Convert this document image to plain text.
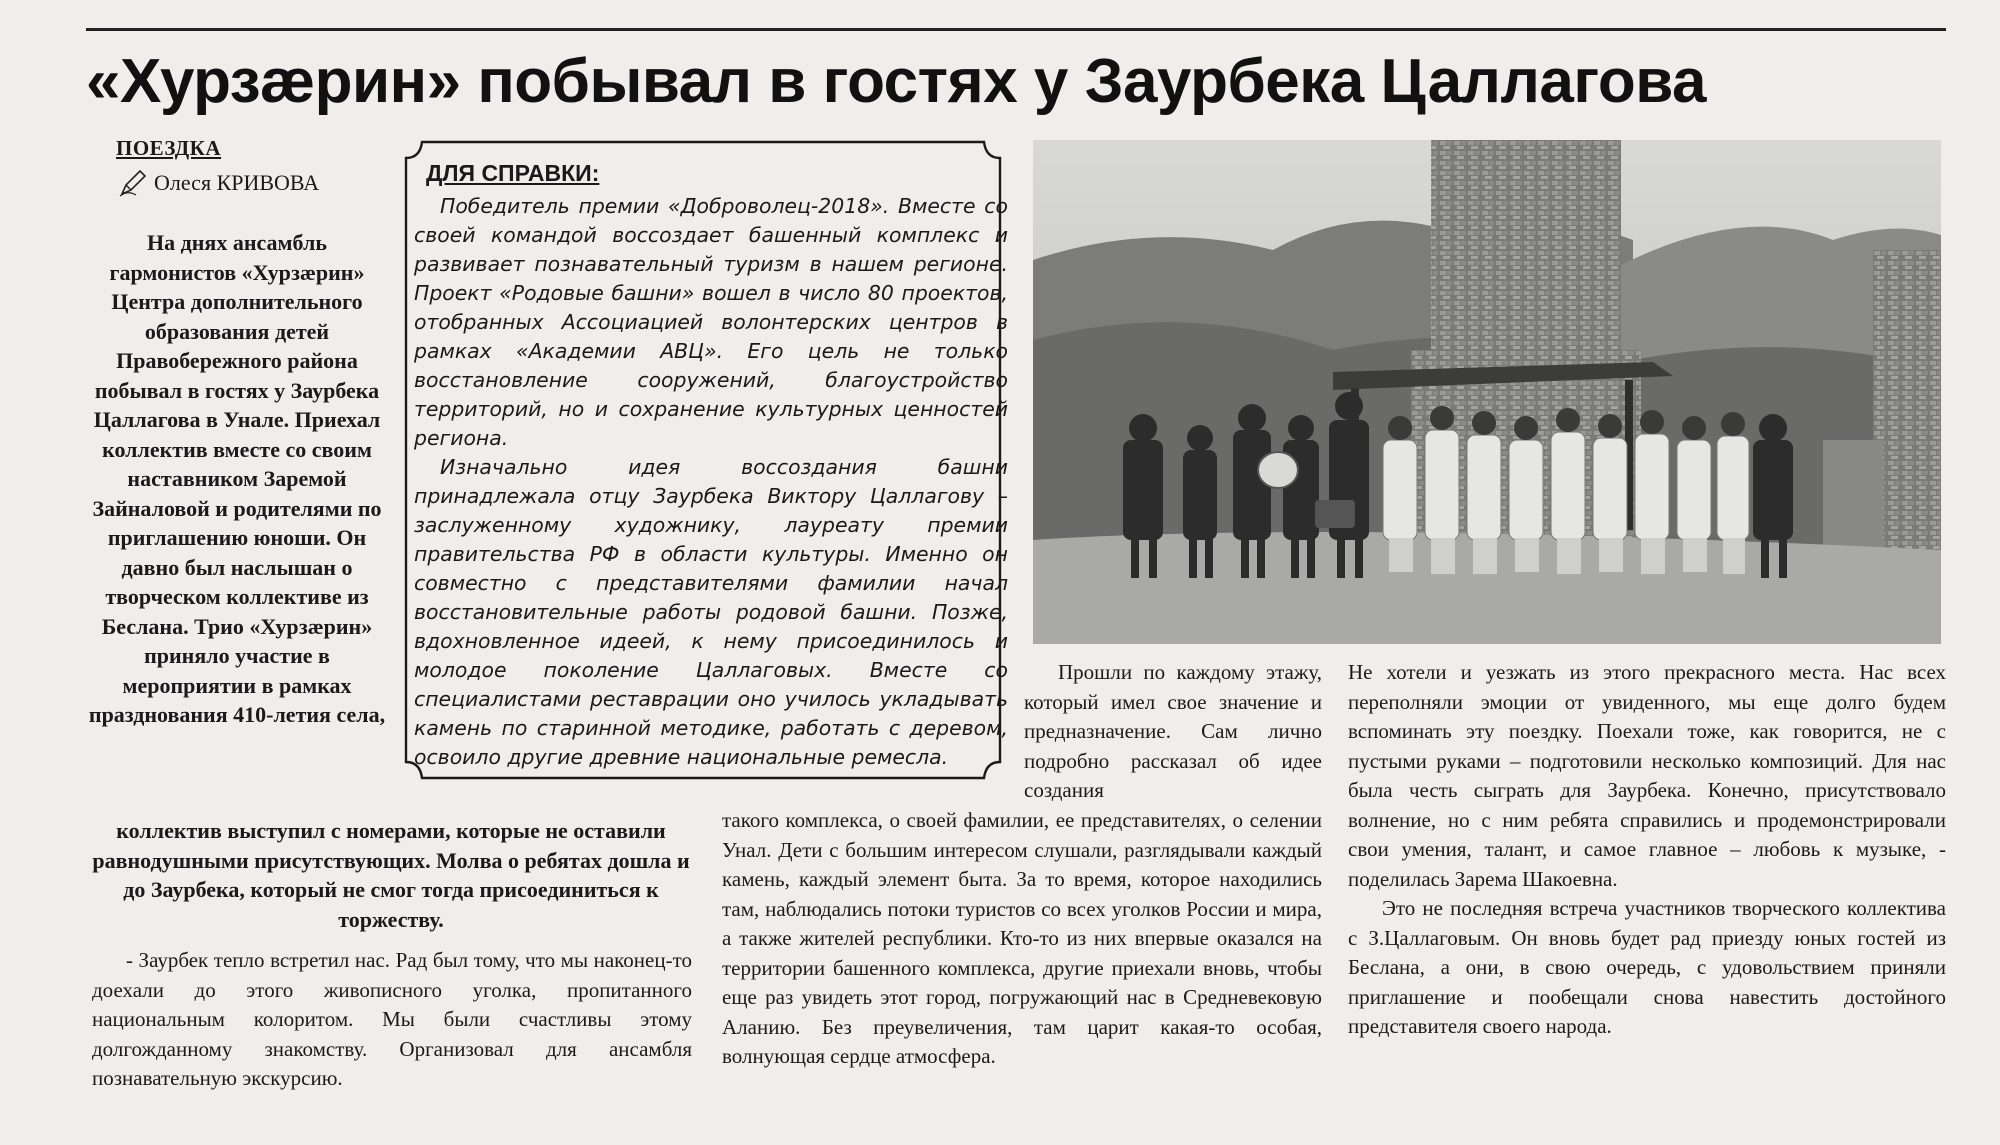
«Хурзæрин» побывал в гостях у Заурбека Цаллагова
ПОЕЗДКА
Олеся КРИВОВА
На днях ансамбль гармонистов «Хурзæрин» Центра дополнительного образования детей Правобережного района побывал в гостях у Заурбека Цаллагова в Унале. Приехал коллектив вместе со своим наставником Заремой Зайналовой и родителями по приглашению юноши. Он давно был наслышан о творческом коллективе из Беслана. Трио «Хурзæрин» приняло участие в мероприятии в рамках празднования 410-летия села,
коллектив выступил с номерами, которые не оставили равнодушными присутствующих. Молва о ребятах дошла и до Заурбека, который не смог тогда присоединиться к торжеству.

- Заурбек тепло встретил нас. Рад был тому, что мы наконец-то доехали до этого живописного уголка, пропитанного национальным колоритом. Мы были счастливы этому долгожданному знакомству. Организовал для ансамбля познавательную экскурсию.

Победитель премии «Доброволец-2018». Вместе со своей командой воссоздает башенный комплекс и развивает познавательный туризм в нашем регионе. Проект «Родовые башни» вошел в число 80 проектов, отобранных Ассоциацией волонтерских центров в рамках «Академии АВЦ». Его цель не только восстановление сооружений, благоустройство территорий, но и сохранение культурных ценностей региона.

Изначально идея воссоздания башни принадлежала отцу Заурбека Виктору Цаллагову – заслуженному художнику, лауреату премии правительства РФ в области культуры. Именно он совместно с представителями фамилии начал восстановительные работы родовой башни. Позже, вдохновленное идеей, к нему присоединилось и молодое поколение Цаллаговых. Вместе со специалистами реставрации оно училось укладывать камень по старинной методике, работать с деревом, освоило другие древние национальные ремесла.

ДЛЯ СПРАВКИ:

Прошли по каждому этажу, который имел свое значение и предназначение. Сам лично подробно рассказал об идее создания

такого комплекса, о своей фамилии, ее представителях, о селении Унал. Дети с большим интересом слушали, разглядывали каждый камень, каждый элемент быта. За то время, которое находились там, наблюдались потоки туристов со всех уголков России и мира, а также жителей республики. Кто-то из них впервые оказался на территории башенного комплекса, другие приехали вновь, чтобы еще раз увидеть этот город, погружающий нас в Средневековую Аланию. Без преувеличения, там царит какая-то особая, волнующая сердце атмосфера.

Не хотели и уезжать из этого прекрасного места. Нас всех переполняли эмоции от увиденного, мы еще долго будем вспоминать эту поездку. Поехали тоже, как говорится, не с пустыми руками – подготовили несколько композиций. Для нас была честь сыграть для Заурбека. Конечно, присутствовало волнение, но с ним ребята справились и продемонстрировали свои умения, талант, и самое главное – любовь к музыке, - поделилась Зарема Шакоевна.

Это не последняя встреча участников творческого коллектива с З.Цаллаговым. Он вновь будет рад приезду юных гостей из Беслана, а они, в свою очередь, с удовольствием приняли приглашение и пообещали снова навестить достойного представителя своего народа.
